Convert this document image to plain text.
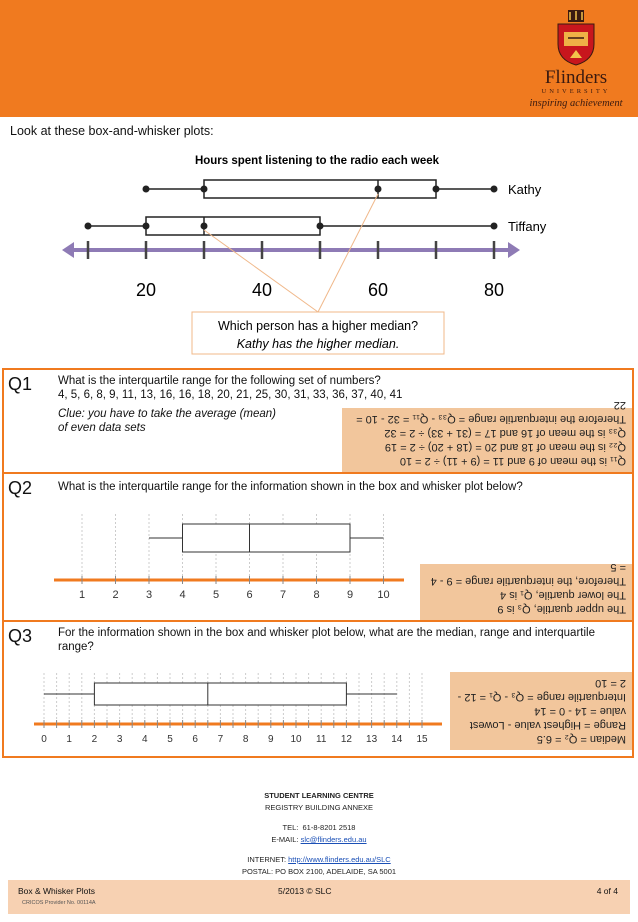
Flinders
UNIVERSITY
inspiring achievement
Look at these box-and-whisker plots:
Hours spent listening to the radio each week
20	40	60	80
Kathy
Tiffany
Which person has a higher median?
Kathy has the higher median.
Q1 What is the interquartile range for the following set of numbers?
4, 5, 6, 8, 9, 11, 13, 16, 16, 18, 20, 21, 25, 30, 31, 33, 36, 37, 40, 41
Clue: you have to take the average (mean)
of even data sets
Q₁₁ is the mean of 9 and 11 = (9 + 11) ÷ 2 = 10
Q₂₂ is the mean of 18 and 20 = (18 + 20) ÷ 2 = 19
Q₃₃ is the mean of 16 and 17 = (31 + 33) ÷ 2 = 32
Therefore the interquartile range = Q₃₃ - Q₁₁ = 32 - 10 = 22
Q2 What is the interquartile range for the information shown in the box and whisker plot below?
1 2 3 4 5 6 7 8 9 10
The upper quartile, Q₃ is 9
The lower quartile, Q₁ is 4
Therefore, the interquartile range = 9 - 4
= 5
Q3 For the information shown in the box and whisker plot below, what are the median, range and interquartile
range?
0 1 2 3 4 5 6 7 8 9 10 11 12 13 14 15	Median = Q₂ = 6.5
Range = Highest value - Lowest
value = 14 - 0 = 14
Interquartile range = Q₃ - Q₁ = 12 -
2 = 10
STUDENT LEARNING CENTRE
REGISTRY BUILDING ANNEXE
TEL: 61-8-8201 2518
E-MAIL: slc@flinders.edu.au
INTERNET: http://www.flinders.edu.au/SLC
POSTAL: PO BOX 2100, ADELAIDE, SA 5001
Box & Whisker Plots	5/2013 © SLC	4 of 4
CRICOS Provider No. 00114A
